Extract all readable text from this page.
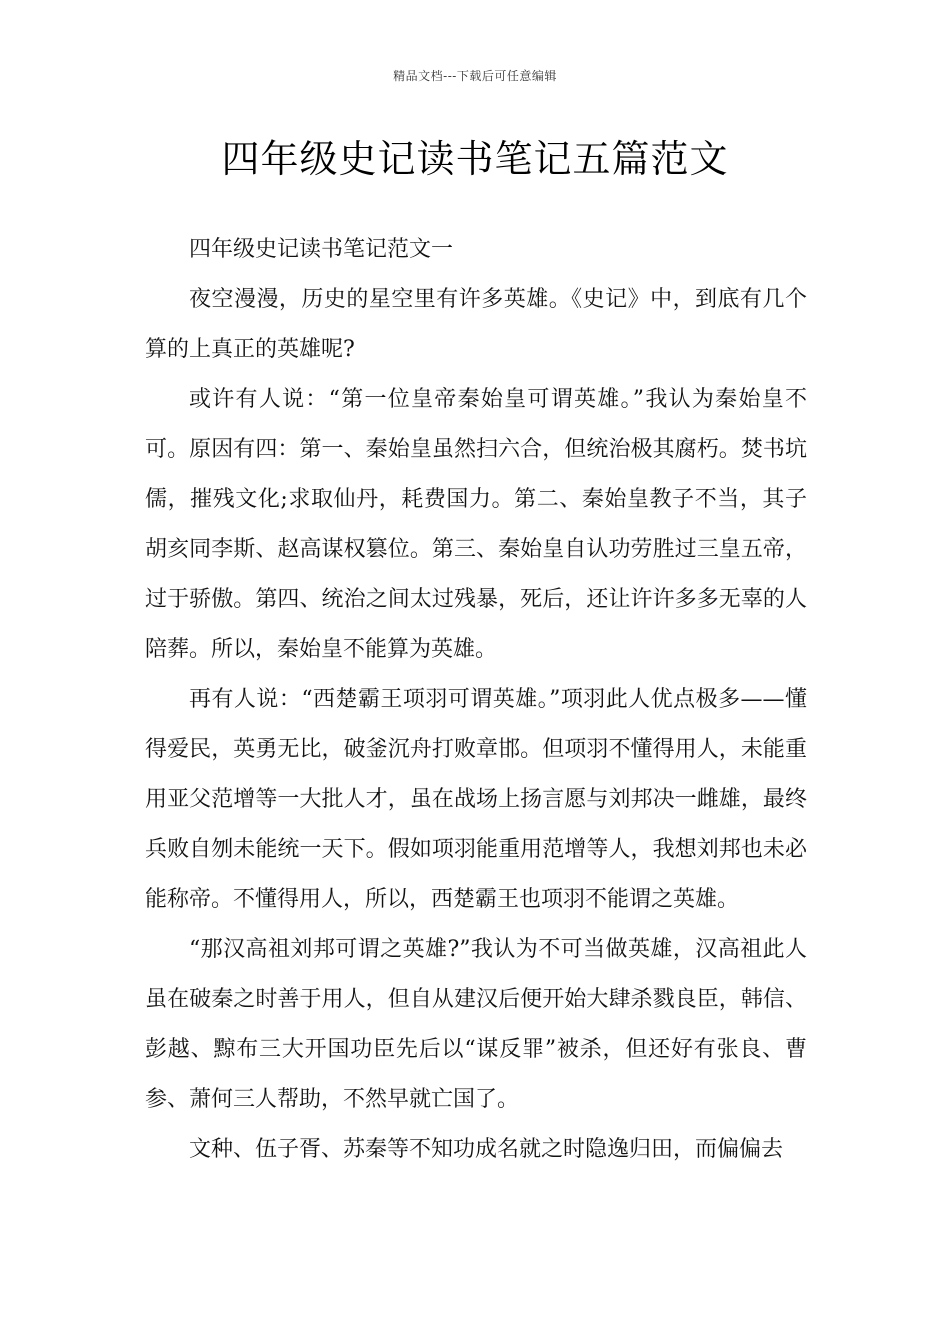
精品文档---下载后可任意编辑
四年级史记读书笔记五篇范文

四年级史记读书笔记范文一

夜空漫漫，历史的星空里有许多英雄。《史记》中，到底有几个算的上真正的英雄呢?

或许有人说：“第一位皇帝秦始皇可谓英雄。”我认为秦始皇不可。原因有四：第一、秦始皇虽然扫六合，但统治极其腐朽。焚书坑儒，摧残文化;求取仙丹，耗费国力。第二、秦始皇教子不当，其子胡亥同李斯、赵高谋权篡位。第三、秦始皇自认功劳胜过三皇五帝，过于骄傲。第四、统治之间太过残暴，死后，还让许许多多无辜的人陪葬。所以，秦始皇不能算为英雄。

再有人说：“西楚霸王项羽可谓英雄。”项羽此人优点极多——懂得爱民，英勇无比，破釜沉舟打败章邯。但项羽不懂得用人，未能重用亚父范增等一大批人才，虽在战场上扬言愿与刘邦决一雌雄，最终兵败自刎未能统一天下。假如项羽能重用范增等人，我想刘邦也未必能称帝。不懂得用人，所以，西楚霸王也项羽不能谓之英雄。

“那汉高祖刘邦可谓之英雄?”我认为不可当做英雄，汉高祖此人虽在破秦之时善于用人，但自从建汉后便开始大肆杀戮良臣，韩信、彭越、黥布三大开国功臣先后以“谋反罪”被杀，但还好有张良、曹参、萧何三人帮助，不然早就亡国了。

文种、伍子胥、苏秦等不知功成名就之时隐逸归田，而偏偏去
